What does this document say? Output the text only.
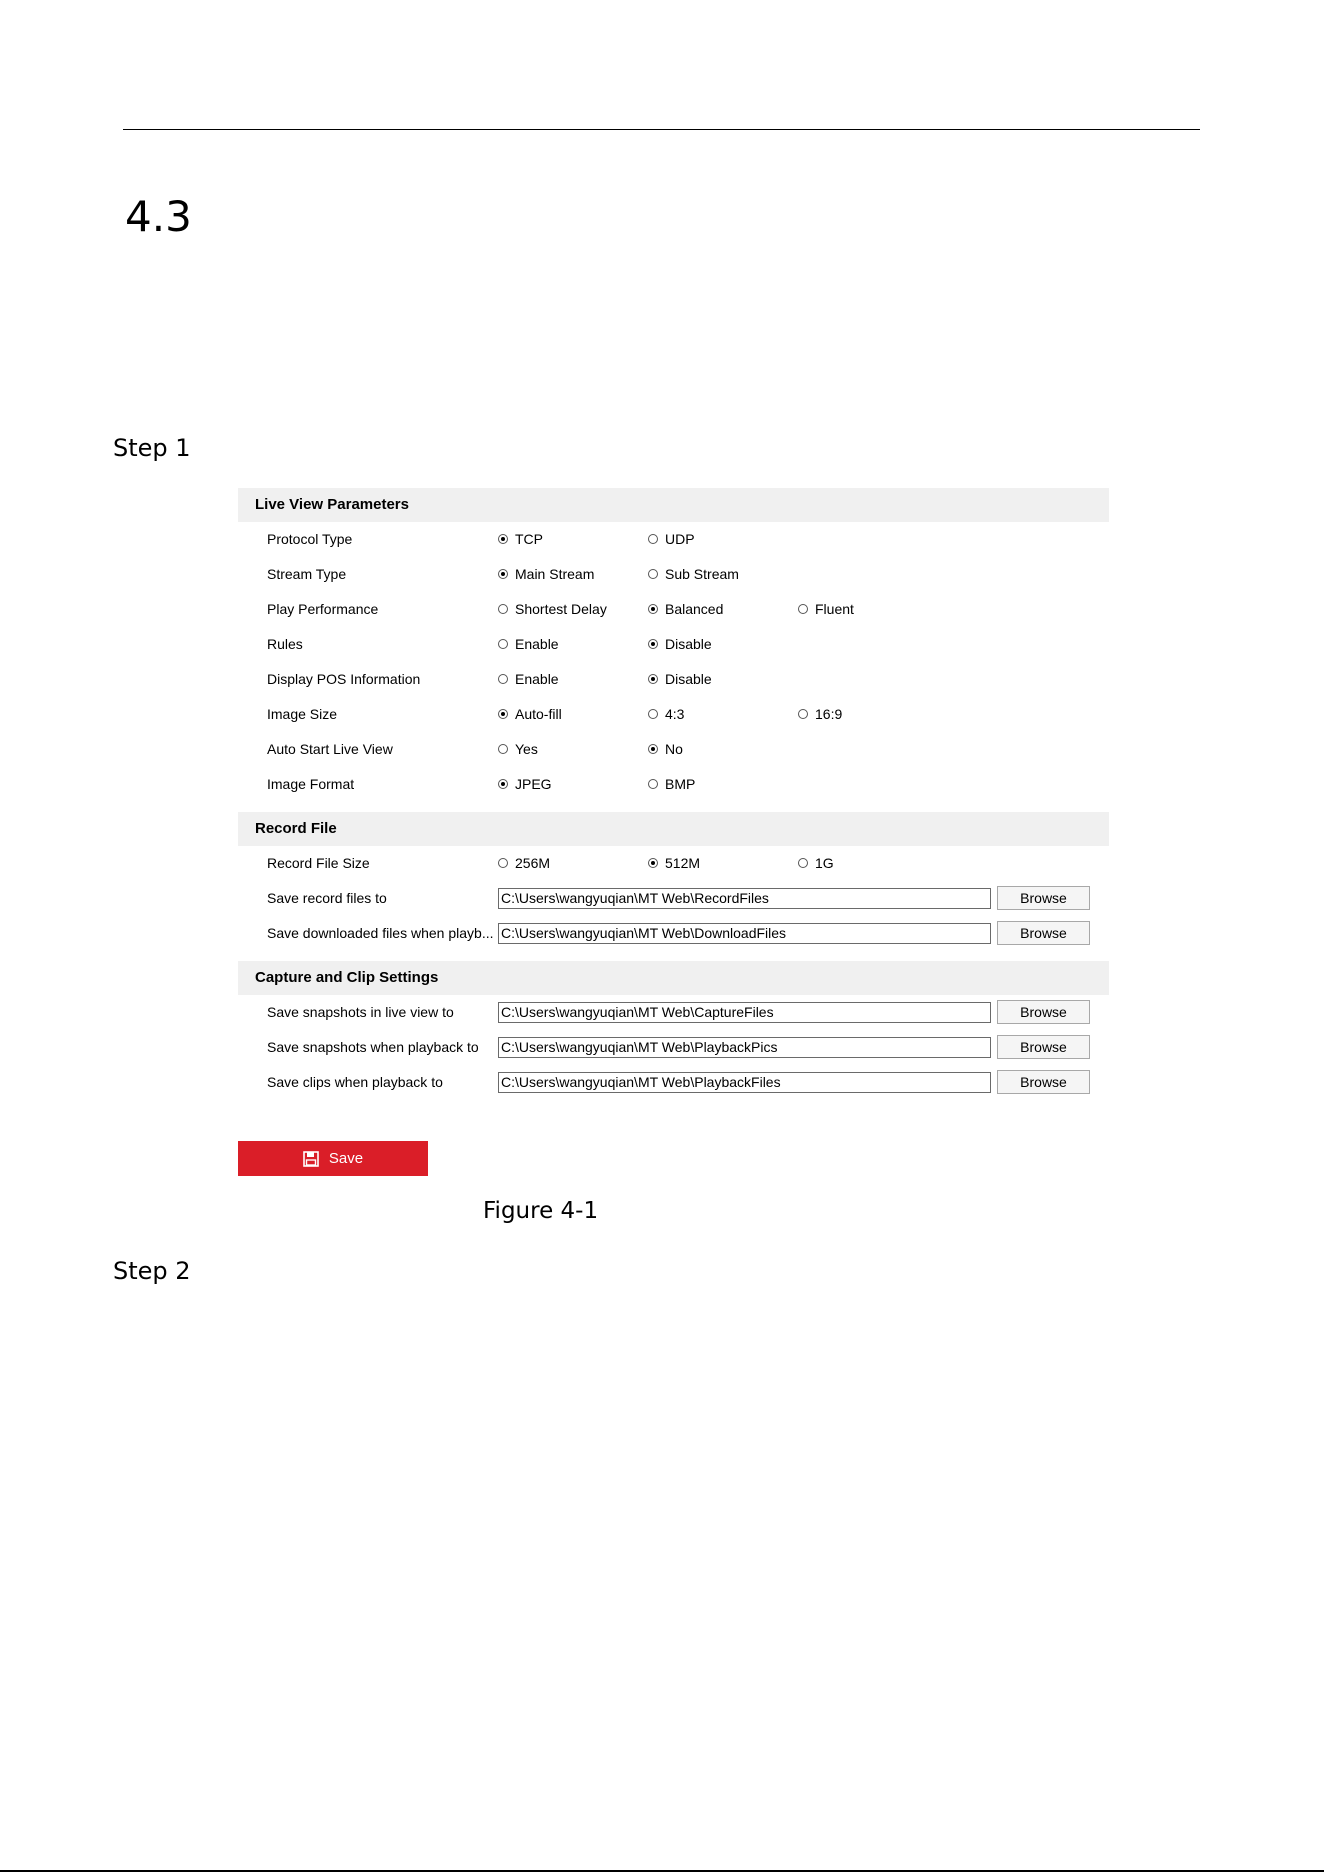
4.3
Step 1
Live View Parameters
Protocol Type	TCP	UDP
Stream Type	Main Stream	Sub Stream
Play Performance	Shortest Delay	Balanced	Fluent
Rules	Enable	Disable
Display POS Information	Enable	Disable
Image Size	Auto-fill	4:3	16:9
Auto Start Live View	Yes	No
Image Format	JPEG	BMP
Record File
Record File Size	256M	512M	1G
Save record files to	C:\Users\wangyuqian\MT Web\RecordFiles	Browse
Save downloaded files when playb... C:\Users\wangyuqian\MT Web\DownloadFiles	Browse
Capture and Clip Settings
Save snapshots in live view to	C:\Users\wangyuqian\MT Web\CaptureFiles	Browse
Save snapshots when playback to C:\Users\wangyuqian\MT Web\PlaybackPics	Browse
Save clips when playback to	C:\Users\wangyuqian\MT Web\PlaybackFiles	Browse
Save
Figure 4-1
Step 2
